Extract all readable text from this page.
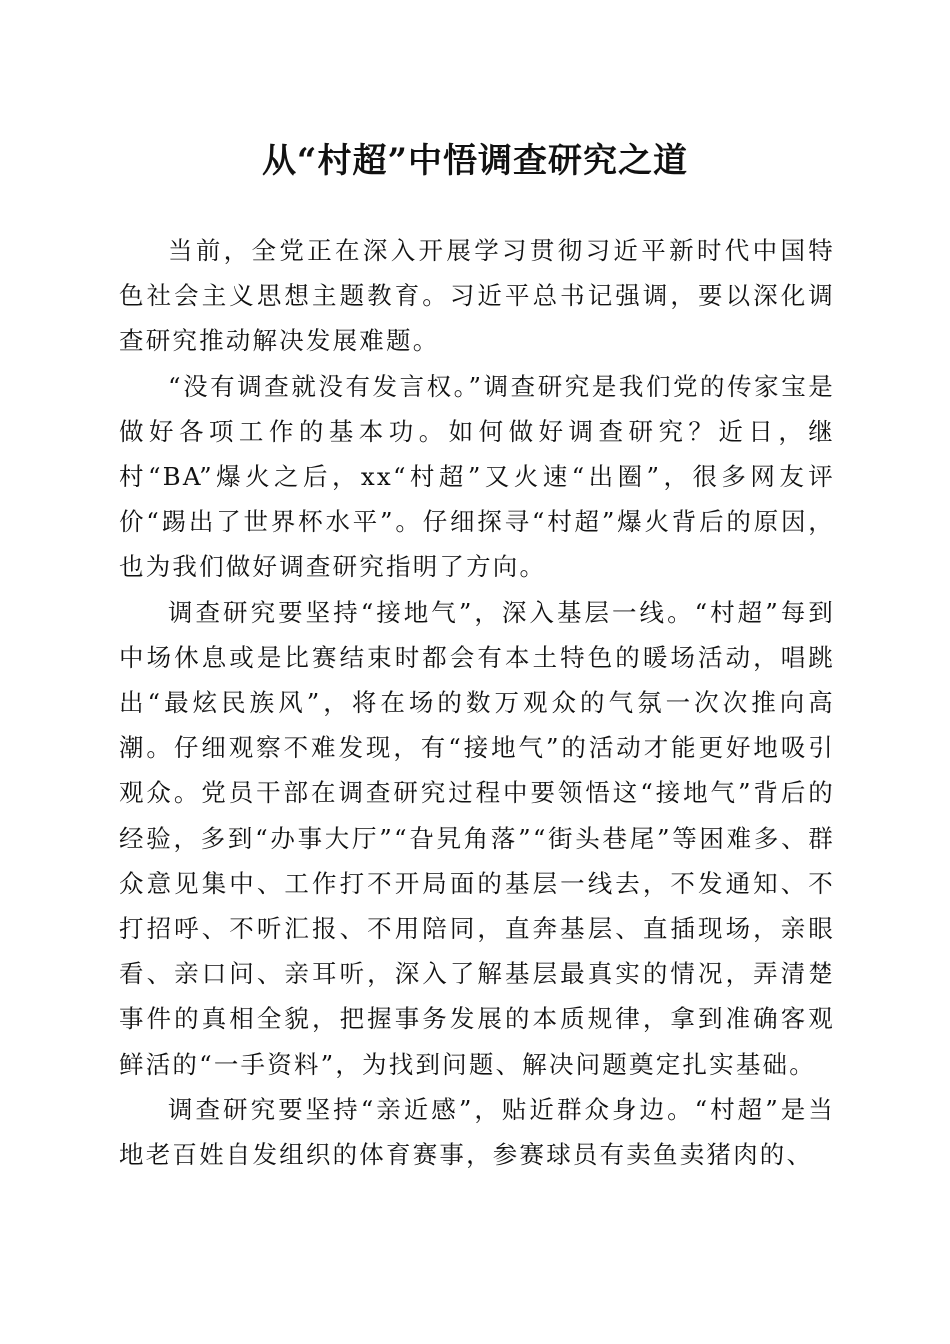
从“村超”中悟调查研究之道

当前，全党正在深入开展学习贯彻习近平新时代中国特色社会主义思想主题教育。习近平总书记强调，要以深化调查研究推动解决发展难题。

“没有调查就没有发言权。”调查研究是我们党的传家宝是做好各项工作的基本功。如何做好调查研究？近日，继村“BA”爆火之后，xx“村超”又火速“出圈”，很多网友评价“踢出了世界杯水平”。仔细探寻“村超”爆火背后的原因，也为我们做好调查研究指明了方向。

调查研究要坚持“接地气”，深入基层一线。“村超”每到中场休息或是比赛结束时都会有本土特色的暖场活动，唱跳出“最炫民族风”，将在场的数万观众的气氛一次次推向高潮。仔细观察不难发现，有“接地气”的活动才能更好地吸引观众。党员干部在调查研究过程中要领悟这“接地气”背后的经验，多到“办事大厅”“旮旯角落”“街头巷尾”等困难多、群众意见集中、工作打不开局面的基层一线去，不发通知、不打招呼、不听汇报、不用陪同，直奔基层、直插现场，亲眼看、亲口问、亲耳听，深入了解基层最真实的情况，弄清楚事件的真相全貌，把握事务发展的本质规律，拿到准确客观鲜活的“一手资料”，为找到问题、解决问题奠定扎实基础。

调查研究要坚持“亲近感”，贴近群众身边。“村超”是当地老百姓自发组织的体育赛事，参赛球员有卖鱼卖猪肉的、
